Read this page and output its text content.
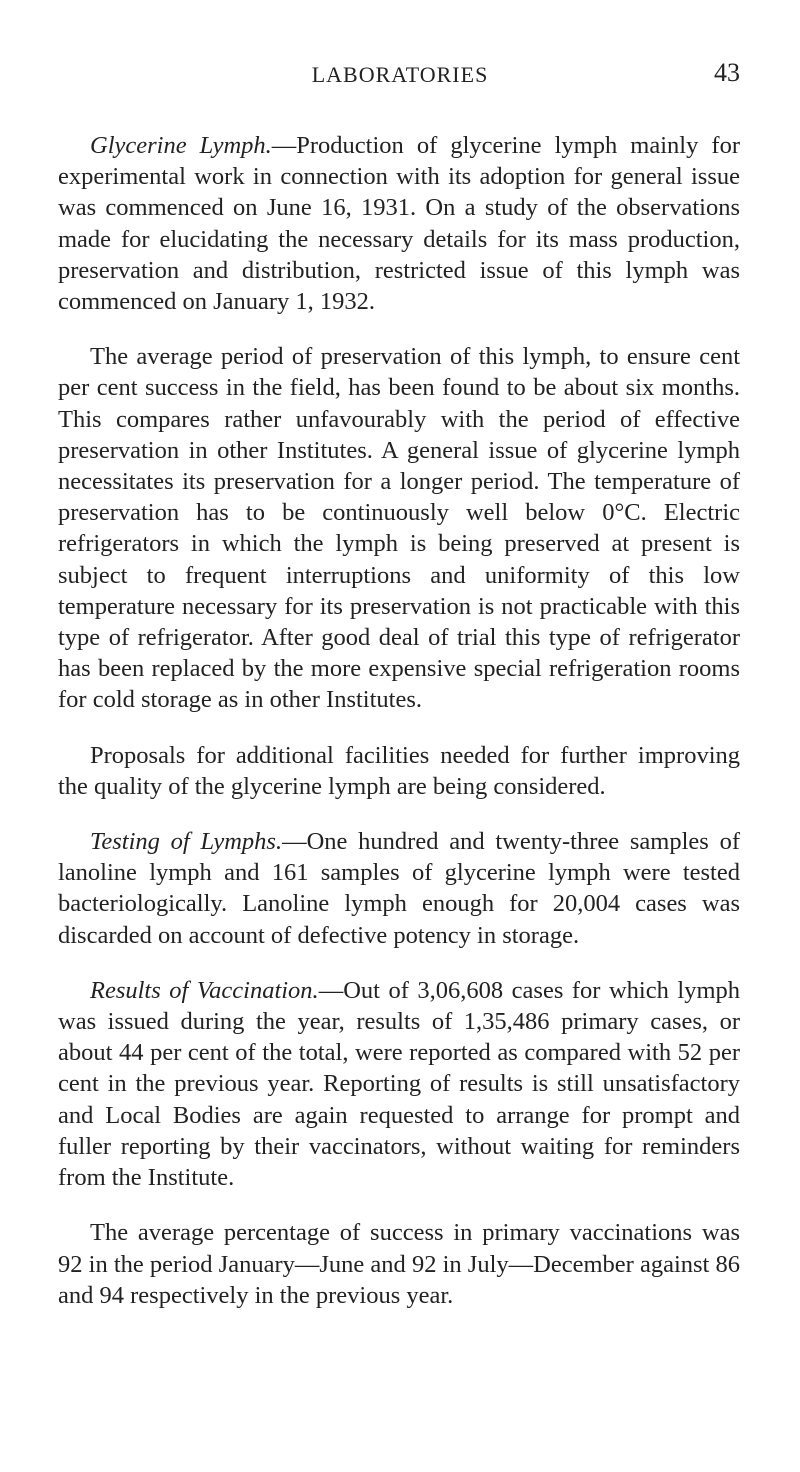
LABORATORIES	43

Glycerine Lymph.—Production of glycerine lymph mainly for experimental work in connection with its adoption for general issue was commenced on June 16, 1931. On a study of the observations made for elucidating the necessary details for its mass production, preservation and distribution, restricted issue of this lymph was commenced on January 1, 1932.

The average period of preservation of this lymph, to ensure cent per cent success in the field, has been found to be about six months. This compares rather unfavourably with the period of effective preservation in other Institutes. A general issue of glycerine lymph necessitates its preservation for a longer period. The temperature of preservation has to be continuously well below 0°C. Electric refrigerators in which the lymph is being preserved at present is subject to frequent interruptions and uniformity of this low temperature necessary for its preservation is not practicable with this type of refrigerator. After good deal of trial this type of refrigerator has been replaced by the more expensive special refrigeration rooms for cold storage as in other Institutes.

Proposals for additional facilities needed for further improving the quality of the glycerine lymph are being considered.

Testing of Lymphs.—One hundred and twenty-three samples of lanoline lymph and 161 samples of glycerine lymph were tested bacteriologically. Lanoline lymph enough for 20,004 cases was discarded on account of defective potency in storage.

Results of Vaccination.—Out of 3,06,608 cases for which lymph was issued during the year, results of 1,35,486 primary cases, or about 44 per cent of the total, were reported as compared with 52 per cent in the previous year. Reporting of results is still unsatisfactory and Local Bodies are again requested to arrange for prompt and fuller reporting by their vaccinators, without waiting for reminders from the Institute.

The average percentage of success in primary vaccinations was 92 in the period January—June and 92 in July—December against 86 and 94 respectively in the previous year.
